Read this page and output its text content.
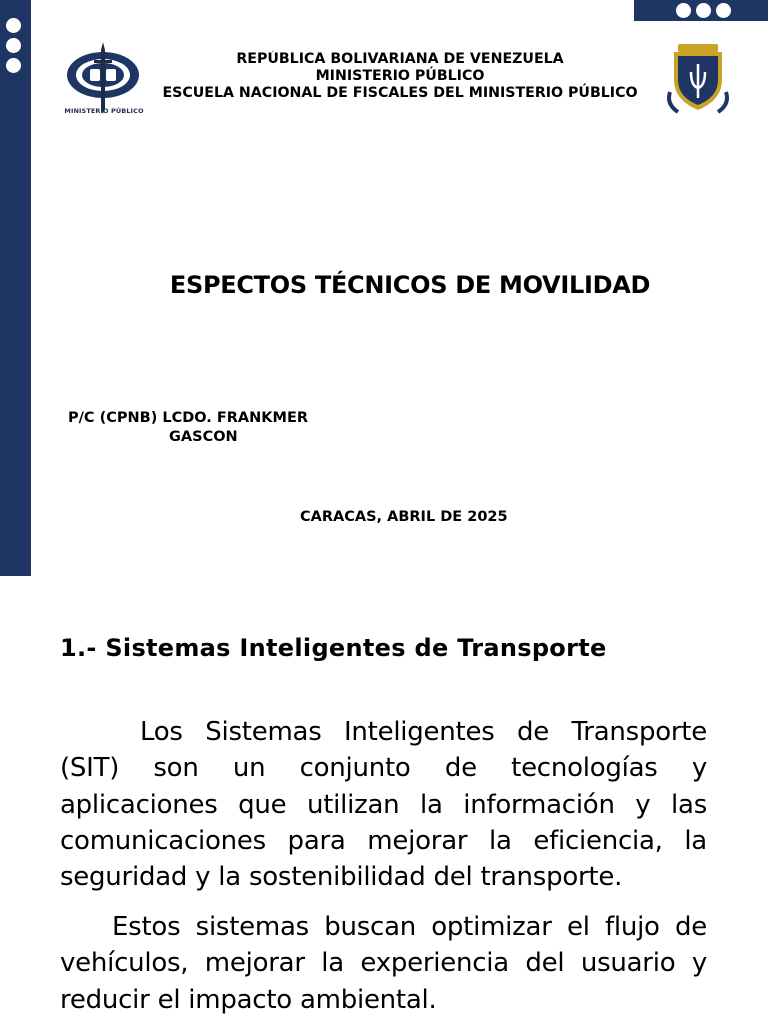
MINISTERIO PÚBLICO
REPÚBLICA BOLIVARIANA DE VENEZUELA
MINISTERIO PÚBLICO
ESCUELA NACIONAL DE FISCALES DEL MINISTERIO PÚBLICO
ESPECTOS TÉCNICOS DE MOVILIDAD
P/C (CPNB) LCDO. FRANKMER
GASCON
CARACAS, ABRIL DE 2025
1.- Sistemas Inteligentes de Transporte
Los Sistemas Inteligentes de Transporte (SIT) son un conjunto de tecnologías y aplicaciones que utilizan la información y las comunicaciones para mejorar la eficiencia, la seguridad y la sostenibilidad del transporte.
Estos sistemas buscan optimizar el flujo de vehículos, mejorar la experiencia del usuario y reducir el impacto ambiental.
